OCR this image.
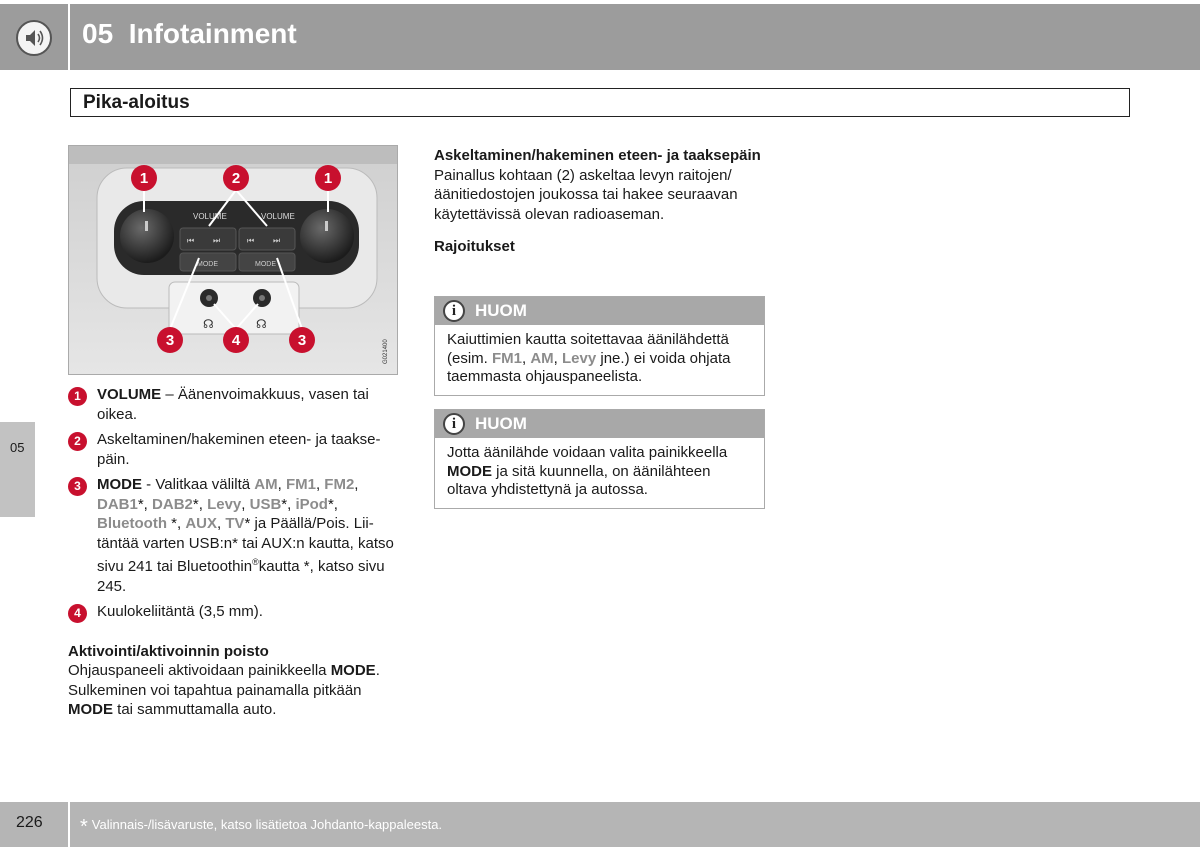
05  Infotainment
Pika-aloitus
05
VOLUME	VOLUME
⏮ ⏭	⏮ ⏭
MODE	MODE
☊	☊
1	2	1
3	4	3	G021400
1	VOLUME – Äänenvoimakkuus, vasen tai oikea.
2	Askeltaminen/hakeminen eteen- ja taakse-päin.
3	MODE - Valitkaa väliltä AM, FM1, FM2, DAB1*, DAB2*, Levy, USB*, iPod*, Bluetooth *, AUX, TV* ja Päällä/Pois. Lii-täntää varten USB:n* tai AUX:n kautta, katso sivu 241 tai Bluetoothin®kautta *, katso sivu 245.
4	Kuulokeliitäntä (3,5 mm).
Aktivointi/aktivoinnin poisto
Ohjauspaneeli aktivoidaan painikkeella MODE. Sulkeminen voi tapahtua painamalla pitkään MODE tai sammuttamalla auto.
Askeltaminen/hakeminen eteen- ja taaksepäin
Painallus kohtaan (2) askeltaa levyn raitojen/ äänitiedostojen joukossa tai hakee seuraavan käytettävissä olevan radioaseman.
Rajoitukset
i	HUOM
Kaiuttimien kautta soitettavaa äänilähdettä (esim. FM1, AM, Levy jne.) ei voida ohjata taemmasta ohjauspaneelista.
i	HUOM
Jotta äänilähde voidaan valita painikkeella MODE ja sitä kuunnella, on äänilähteen oltava yhdistettynä ja autossa.
226 * Valinnais-/lisävaruste, katso lisätietoa Johdanto-kappaleesta.
